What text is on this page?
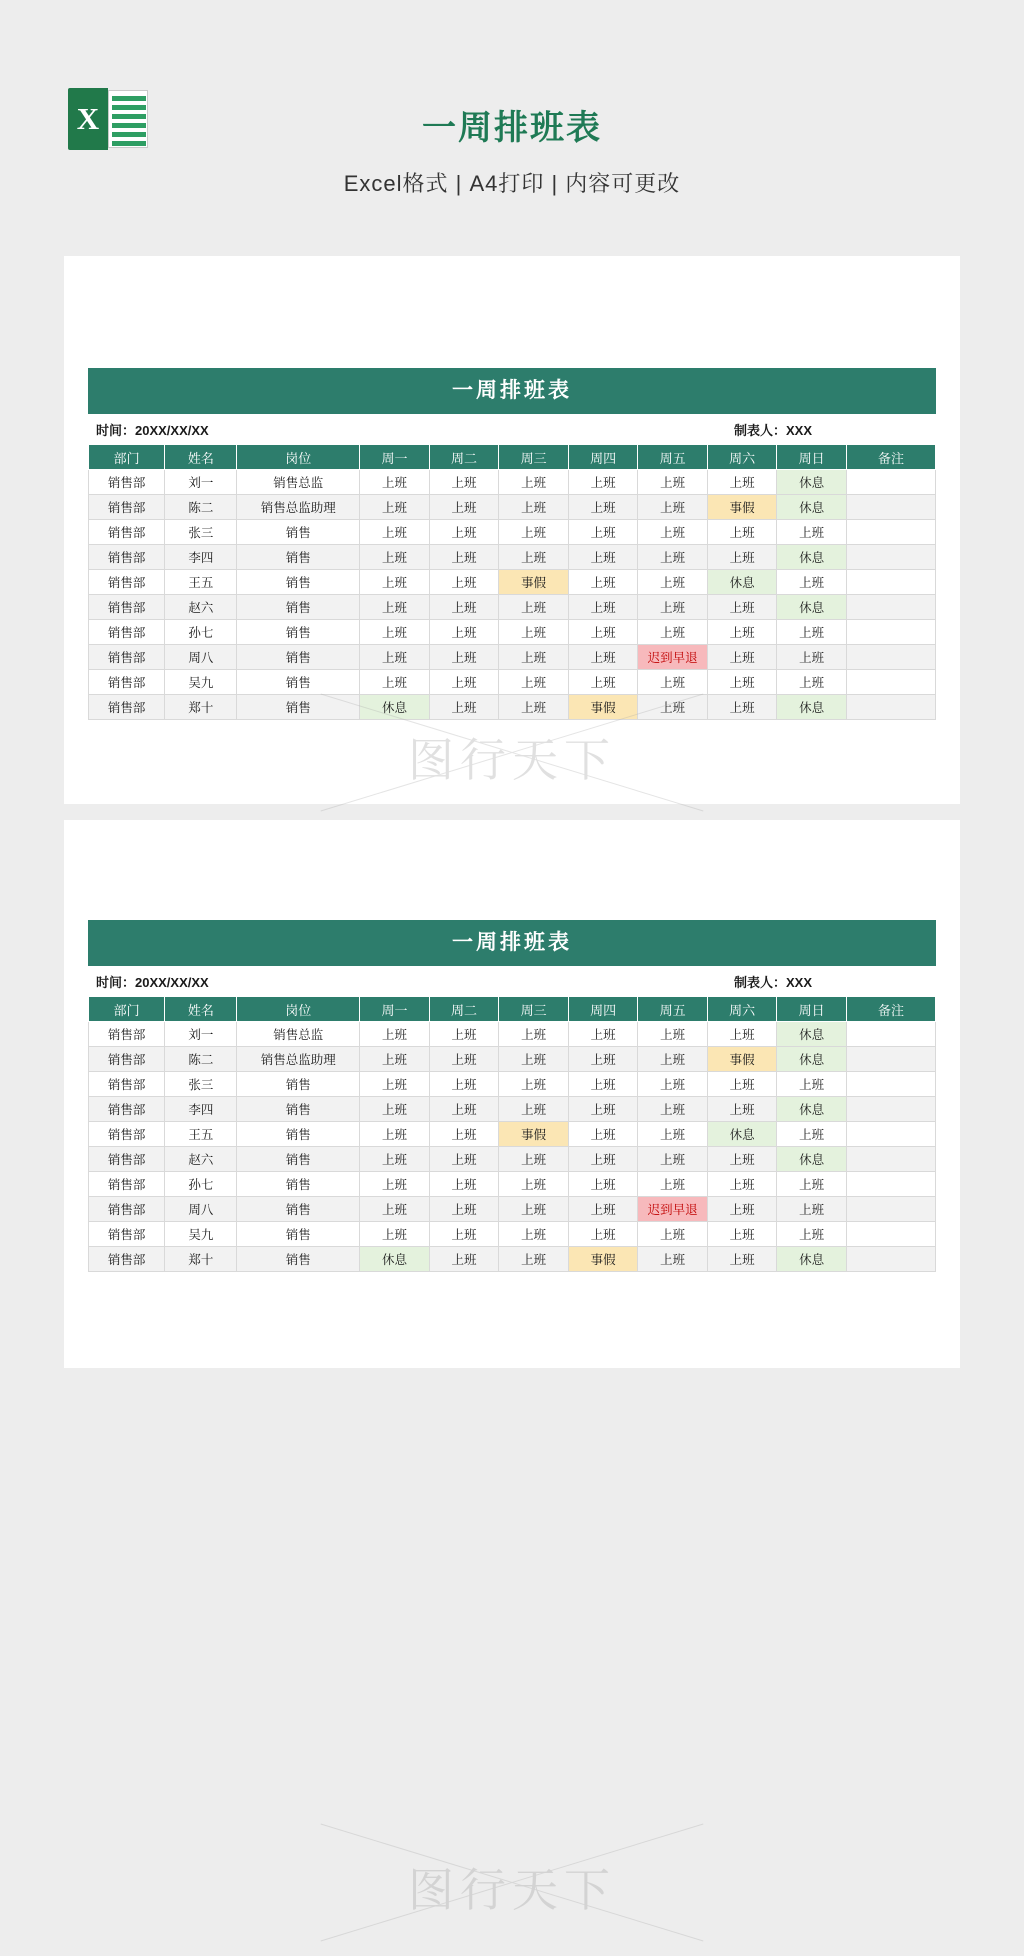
X	一周排班表
Excel格式 | A4打印 | 内容可更改
一周排班表
时间：20XX/XX/XX	制表人：XXX
部门	姓名	岗位	周一	周二	周三	周四	周五	周六	周日	备注
销售部	刘一	销售总监	上班	上班	上班	上班	上班	上班	休息	
销售部	陈二	销售总监助理	上班	上班	上班	上班	上班	事假	休息	
销售部	张三	销售	上班	上班	上班	上班	上班	上班	上班	
销售部	李四	销售	上班	上班	上班	上班	上班	上班	休息	
销售部	王五	销售	上班	上班	事假	上班	上班	休息	上班	
销售部	赵六	销售	上班	上班	上班	上班	上班	上班	休息	
销售部	孙七	销售	上班	上班	上班	上班	上班	上班	上班	
销售部	周八	销售	上班	上班	上班	上班	迟到早退	上班	上班	
销售部	吴九	销售	上班	上班	上班	上班	上班	上班	上班	
销售部	郑十	销售	休息	上班	上班	事假	上班	上班	休息	
图行天下
一周排班表
时间：20XX/XX/XX	制表人：XXX
部门	姓名	岗位	周一	周二	周三	周四	周五	周六	周日	备注
销售部	刘一	销售总监	上班	上班	上班	上班	上班	上班	休息	
销售部	陈二	销售总监助理	上班	上班	上班	上班	上班	事假	休息	
销售部	张三	销售	上班	上班	上班	上班	上班	上班	上班	
销售部	李四	销售	上班	上班	上班	上班	上班	上班	休息	
销售部	王五	销售	上班	上班	事假	上班	上班	休息	上班	
销售部	赵六	销售	上班	上班	上班	上班	上班	上班	休息	
销售部	孙七	销售	上班	上班	上班	上班	上班	上班	上班	
销售部	周八	销售	上班	上班	上班	上班	迟到早退	上班	上班	
销售部	吴九	销售	上班	上班	上班	上班	上班	上班	上班	
销售部	郑十	销售	休息	上班	上班	事假	上班	上班	休息	
图行天下
